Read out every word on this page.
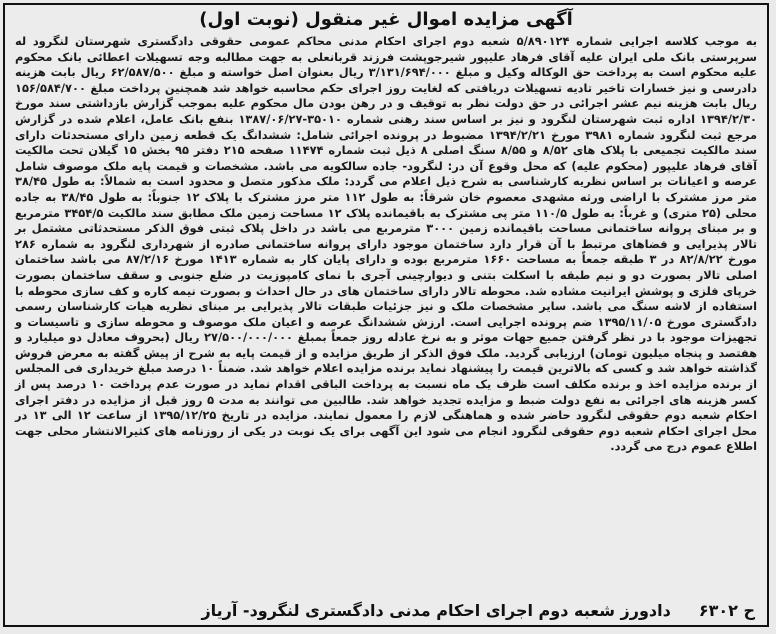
آگهی مزایده اموال غیر منقول (نوبت اول)
به موجب کلاسه اجرایی شماره ۵/۸۹۰۱۲۴ شعبه دوم اجرای احکام مدنی محاکم عمومی حقوقی دادگستری شهرستان لنگرود له سرپرستی بانک ملی ایران علیه آقای فرهاد علیپور شیرجوپشت فرزند قربانعلی به جهت مطالبه وجه تسهیلات اعطائی بانک محکوم علیه محکوم است به پرداخت حق الوکاله وکیل و مبلغ ۳/۱۳۱/۶۹۴/۰۰۰ ریال بعنوان اصل خواسته و مبلغ ۶۲/۵۸۷/۵۰۰ ریال بابت هزینه دادرسی و نیز خسارات تاخیر تادیه تسهیلات دریافتی که لغایت روز اجرای حکم محاسبه خواهد شد همچنین پرداخت مبلغ ۱۵۶/۵۸۴/۷۰۰ ریال بابت هزینه نیم عشر اجرائی در حق دولت نظر به توقیف و در رهن بودن مال محکوم علیه بموجب گزارش بازداشتی سند مورخ ۱۳۹۴/۲/۳۰ اداره ثبت شهرستان لنگرود و نیز بر اساس سند رهنی شماره ۳۵۰۱۰-۱۳۸۷/۰۶/۲۷ بنفع بانک عامل، اعلام شده در گزارش مرجع ثبت لنگرود شماره ۳۹۸۱ مورخ ۱۳۹۴/۲/۲۱ مضبوط در پرونده اجرائی شامل: ششدانگ یک قطعه زمین دارای مستحدثات دارای سند مالکیت تجمیعی با پلاک های ۸/۵۲ و ۸/۵۵ سنگ اصلی ۸ ذیل ثبت شماره ۱۱۴۷۴ صفحه ۲۱۵ دفتر ۹۵ بخش ۱۵ گیلان تحت مالکیت آقای فرهاد علیپور (محکوم علیه) که محل وقوع آن در: لنگرود- جاده سالکویه می باشد. مشخصات و قیمت پایه ملک موصوف شامل عرصه و اعیانات بر اساس نظریه کارشناسی به شرح ذیل اعلام می گردد: ملک مذکور متصل و محدود است به شمالاً: به طول ۳۸/۴۵ متر مرز مشترک با اراضی ورثه مشهدی معصوم خان شرقاً: به طول ۱۱۲ متر مرز مشترک با پلاک ۱۲ جنوباً: به طول ۳۸/۴۵ به جاده محلی (۲۵ متری) و غرباً: به طول ۱۱۰/۵ متر پی مشترک به باقیمانده پلاک ۱۲ مساحت زمین ملک مطابق سند مالکیت ۳۴۵۴/۵ مترمربع و بر مبنای پروانه ساختمانی مساحت باقیمانده زمین ۳۰۰۰ مترمربع می باشد در داخل پلاک ثبتی فوق الذکر مستحدثاتی مشتمل بر تالار پذیرایی و فضاهای مرتبط با آن قرار دارد ساختمان موجود دارای پروانه ساختمانی صادره از شهرداری لنگرود به شماره ۲۸۶ مورخ ۸۲/۸/۲۲ در ۳ طبقه جمعاً به مساحت ۱۶۶۰ مترمربع بوده و دارای پایان کار به شماره ۱۴۱۳ مورخ ۸۷/۲/۱۶ می باشد ساختمان اصلی تالار بصورت دو و نیم طبقه با اسکلت بتنی و دیوارچینی آجری با نمای کامپوزیت در ضلع جنوبی و سقف ساختمان بصورت خرپای فلزی و پوشش ایرانیت مشاده شد. محوطه تالار دارای ساختمان های در حال احداث و بصورت نیمه کاره و کف سازی محوطه با استفاده از لاشه سنگ می باشد. سایر مشخصات ملک و نیز جزئیات طبقات تالار پذیرایی بر مبنای نظریه هیات کارشناسان رسمی دادگستری مورخ ۱۳۹۵/۱۱/۰۵ ضم پرونده اجرایی است. ارزش ششدانگ عرصه و اعیان ملک موصوف و محوطه سازی و تاسیسات و تجهیزات موجود با در نظر گرفتن جمیع جهات موثر و به نرخ عادله روز جمعاً بمبلغ ۲۷/۵۰۰/۰۰۰/۰۰۰ ریال (بحروف معادل دو میلیارد و هفتصد و پنجاه میلیون تومان) ارزیابی گردید. ملک فوق الذکر از طریق مزایده و از قیمت پایه به شرح از پیش گفته به معرض فروش گذاشته خواهد شد و کسی که بالاترین قیمت را پیشنهاد نماید برنده مزایده اعلام خواهد شد. ضمناً ۱۰ درصد مبلغ خریداری فی المجلس از برنده مزایده اخذ و برنده مکلف است ظرف یک ماه نسبت به پرداخت الباقی اقدام نماید در صورت عدم پرداخت ۱۰ درصد پس از کسر هزینه های اجرائی به نفع دولت ضبط و مزایده تجدید خواهد شد. طالبین می توانند به مدت ۵ روز قبل از مزایده در دفتر اجرای احکام شعبه دوم حقوقی لنگرود حاضر شده و هماهنگی لازم را معمول نمایند. مزایده در تاریخ ۱۳۹۵/۱۲/۲۵ از ساعت ۱۲ الی ۱۳ در محل اجرای احکام شعبه دوم حقوقی لنگرود انجام می شود این آگهی برای یک نوبت در یکی از روزنامه های کثیرالانتشار محلی جهت اطلاع عموم درج می گردد.
ح ۶۳۰۲
دادورز شعبه دوم اجرای احکام مدنی دادگستری لنگرود- آریاز
